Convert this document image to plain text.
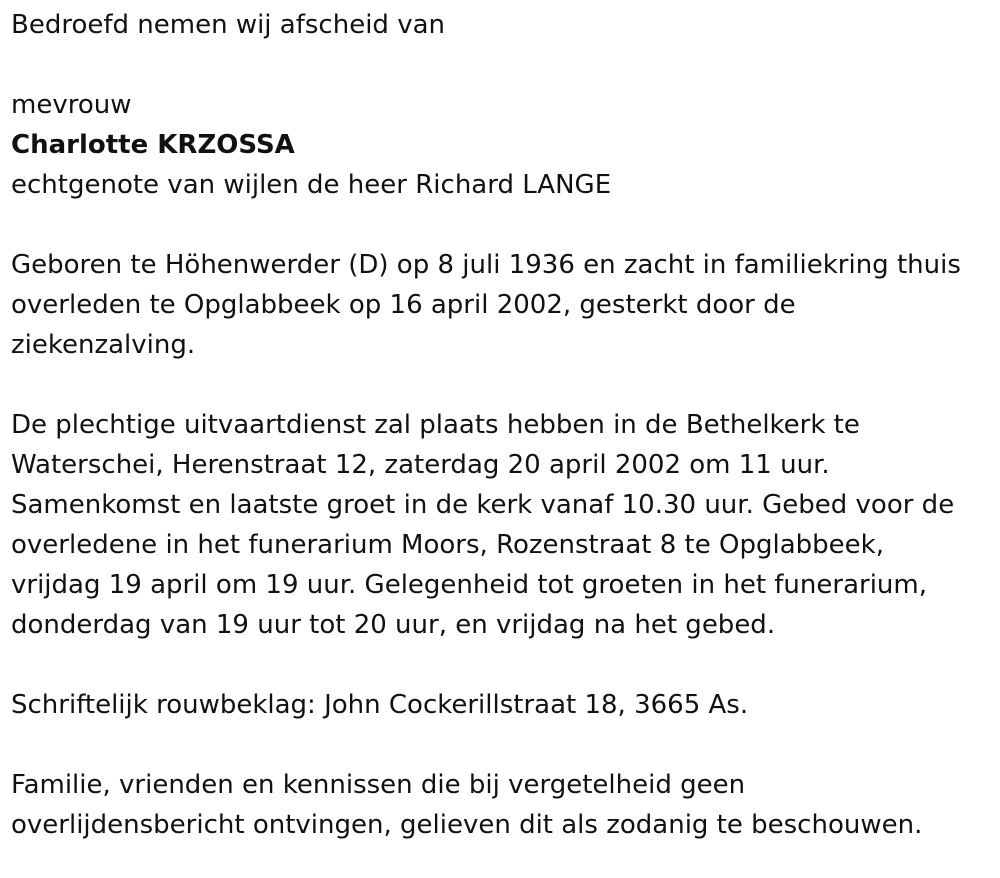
Bedroefd nemen wij afscheid van
mevrouw
Charlotte KRZOSSA
echtgenote van wijlen de heer Richard LANGE
Geboren te Höhenwerder (D) op 8 juli 1936 en zacht in familiekring thuis
overleden te Opglabbeek op 16 april 2002, gesterkt door de
ziekenzalving.
De plechtige uitvaartdienst zal plaats hebben in de Bethelkerk te
Waterschei, Herenstraat 12, zaterdag 20 april 2002 om 11 uur.
Samenkomst en laatste groet in de kerk vanaf 10.30 uur. Gebed voor de
overledene in het funerarium Moors, Rozenstraat 8 te Opglabbeek,
vrijdag 19 april om 19 uur. Gelegenheid tot groeten in het funerarium,
donderdag van 19 uur tot 20 uur, en vrijdag na het gebed.
Schriftelijk rouwbeklag: John Cockerillstraat 18, 3665 As.
Familie, vrienden en kennissen die bij vergetelheid geen
overlijdensbericht ontvingen, gelieven dit als zodanig te beschouwen.
